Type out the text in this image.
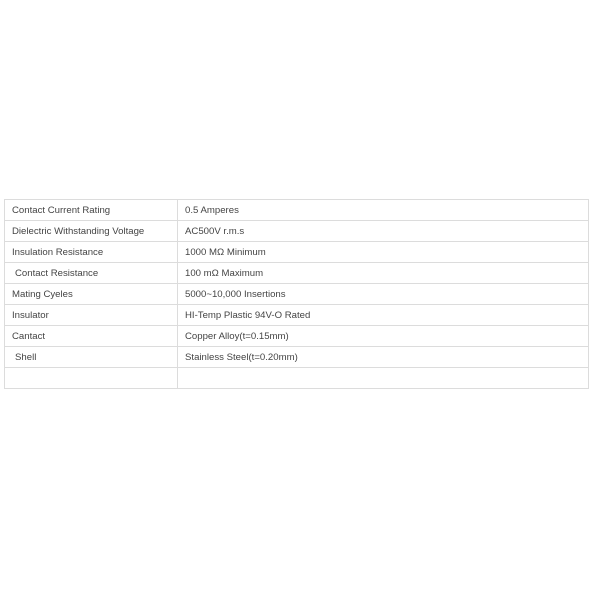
Contact Current Rating	0.5 Amperes
Dielectric Withstanding Voltage	AC500V r.m.s
Insulation Resistance	1000 MΩ Minimum
Contact Resistance	100 mΩ Maximum
Mating Cyeles	5000~10,000 Insertions
Insulator	HI-Temp Plastic 94V-O Rated
Cantact	Copper Alloy(t=0.15mm)
Shell	Stainless Steel(t=0.20mm)
